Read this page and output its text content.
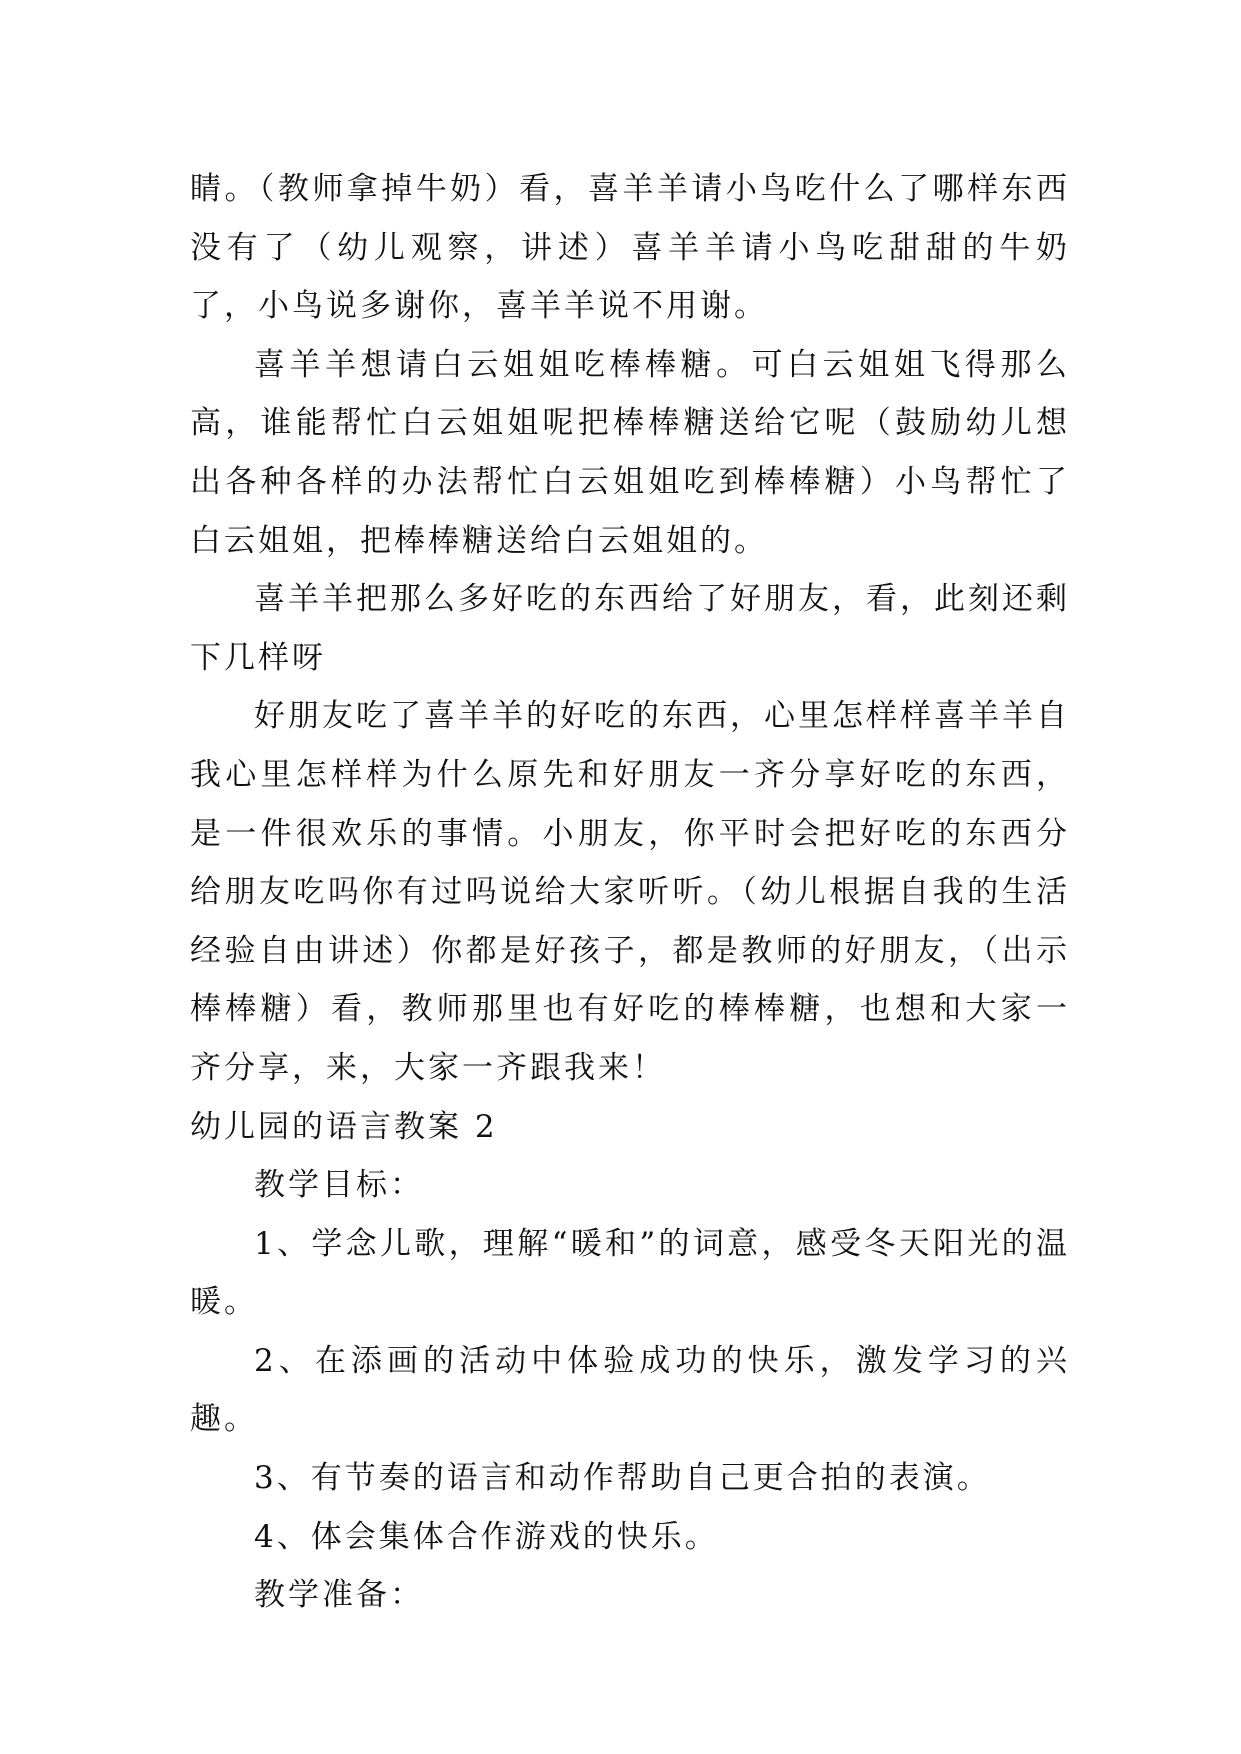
睛。（教师拿掉牛奶）看，喜羊羊请小鸟吃什么了哪样东西没有了（幼儿观察，讲述）喜羊羊请小鸟吃甜甜的牛奶了，小鸟说多谢你，喜羊羊说不用谢。

喜羊羊想请白云姐姐吃棒棒糖。可白云姐姐飞得那么高，谁能帮忙白云姐姐呢把棒棒糖送给它呢（鼓励幼儿想出各种各样的办法帮忙白云姐姐吃到棒棒糖）小鸟帮忙了白云姐姐，把棒棒糖送给白云姐姐的。

喜羊羊把那么多好吃的东西给了好朋友，看，此刻还剩下几样呀

好朋友吃了喜羊羊的好吃的东西，心里怎样样喜羊羊自我心里怎样样为什么原先和好朋友一齐分享好吃的东西，是一件很欢乐的事情。小朋友，你平时会把好吃的东西分给朋友吃吗你有过吗说给大家听听。（幼儿根据自我的生活经验自由讲述）你都是好孩子，都是教师的好朋友，（出示棒棒糖）看，教师那里也有好吃的棒棒糖，也想和大家一齐分享，来，大家一齐跟我来！

幼儿园的语言教案 2

教学目标：

1、学念儿歌，理解“暖和”的词意，感受冬天阳光的温暖。

2、在添画的活动中体验成功的快乐，激发学习的兴趣。

3、有节奏的语言和动作帮助自己更合拍的表演。

4、体会集体合作游戏的快乐。

教学准备：
